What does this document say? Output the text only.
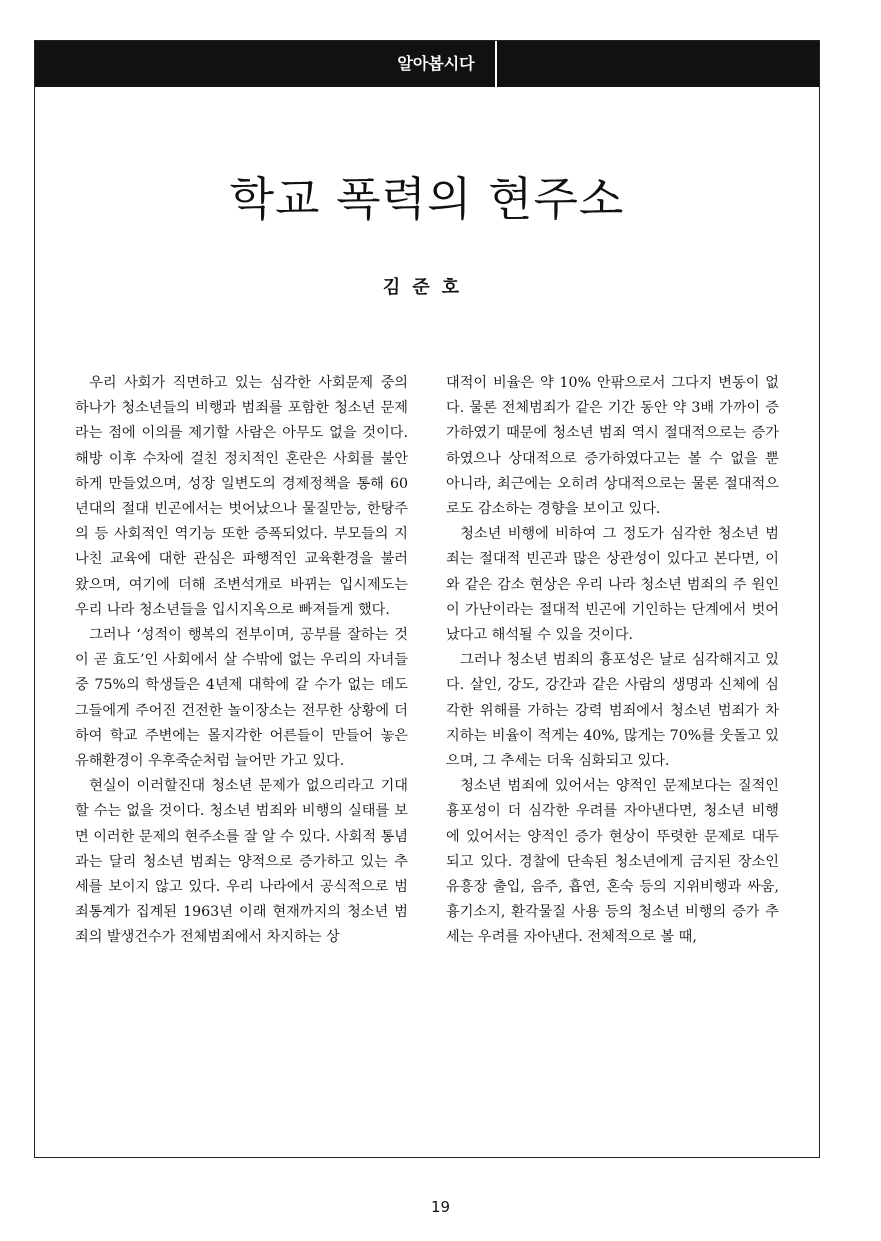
알아봅시다
학교 폭력의 현주소
김준호

우리 사회가 직면하고 있는 심각한 사회문제 중의 하나가 청소년들의 비행과 범죄를 포함한 청소년 문제라는 점에 이의를 제기할 사람은 아무도 없을 것이다. 해방 이후 수차에 걸친 정치적인 혼란은 사회를 불안하게 만들었으며, 성장 일변도의 경제정책을 통해 60년대의 절대 빈곤에서는 벗어났으나 물질만능, 한탕주의 등 사회적인 역기능 또한 증폭되었다. 부모들의 지나친 교육에 대한 관심은 파행적인 교육환경을 불러 왔으며, 여기에 더해 조변석개로 바뀌는 입시제도는 우리 나라 청소년들을 입시지옥으로 빠져들게 했다.

그러나 ‘성적이 행복의 전부이며, 공부를 잘하는 것이 곧 효도’인 사회에서 살 수밖에 없는 우리의 자녀들 중 75%의 학생들은 4년제 대학에 갈 수가 없는 데도 그들에게 주어진 건전한 놀이장소는 전무한 상황에 더하여 학교 주변에는 몰지각한 어른들이 만들어 놓은 유해환경이 우후죽순처럼 늘어만 가고 있다.

현실이 이러할진대 청소년 문제가 없으리라고 기대할 수는 없을 것이다. 청소년 범죄와 비행의 실태를 보면 이러한 문제의 현주소를 잘 알 수 있다. 사회적 통념과는 달리 청소년 범죄는 양적으로 증가하고 있는 추세를 보이지 않고 있다. 우리 나라에서 공식적으로 범죄통계가 집계된 1963년 이래 현재까지의 청소년 범죄의 발생건수가 전체범죄에서 차지하는 상

대적이 비율은 약 10% 안팎으로서 그다지 변동이 없다. 물론 전체범죄가 같은 기간 동안 약 3배 가까이 증가하였기 때문에 청소년 범죄 역시 절대적으로는 증가하였으나 상대적으로 증가하였다고는 볼 수 없을 뿐 아니라, 최근에는 오히려 상대적으로는 물론 절대적으로도 감소하는 경향을 보이고 있다.

청소년 비행에 비하여 그 정도가 심각한 청소년 범죄는 절대적 빈곤과 많은 상관성이 있다고 본다면, 이와 같은 감소 현상은 우리 나라 청소년 범죄의 주 원인이 가난이라는 절대적 빈곤에 기인하는 단계에서 벗어났다고 해석될 수 있을 것이다.

그러나 청소년 범죄의 흉포성은 날로 심각해지고 있다. 살인, 강도, 강간과 같은 사람의 생명과 신체에 심각한 위해를 가하는 강력 범죄에서 청소년 범죄가 차지하는 비율이 적게는 40%, 많게는 70%를 웃돌고 있으며, 그 추세는 더욱 심화되고 있다.

청소년 범죄에 있어서는 양적인 문제보다는 질적인 흉포성이 더 심각한 우려를 자아낸다면, 청소년 비행에 있어서는 양적인 증가 현상이 뚜렷한 문제로 대두되고 있다. 경찰에 단속된 청소년에게 금지된 장소인 유흥장 출입, 음주, 흡연, 혼숙 등의 지위비행과 싸움, 흉기소지, 환각물질 사용 등의 청소년 비행의 증가 추세는 우려를 자아낸다. 전체적으로 볼 때,

19
